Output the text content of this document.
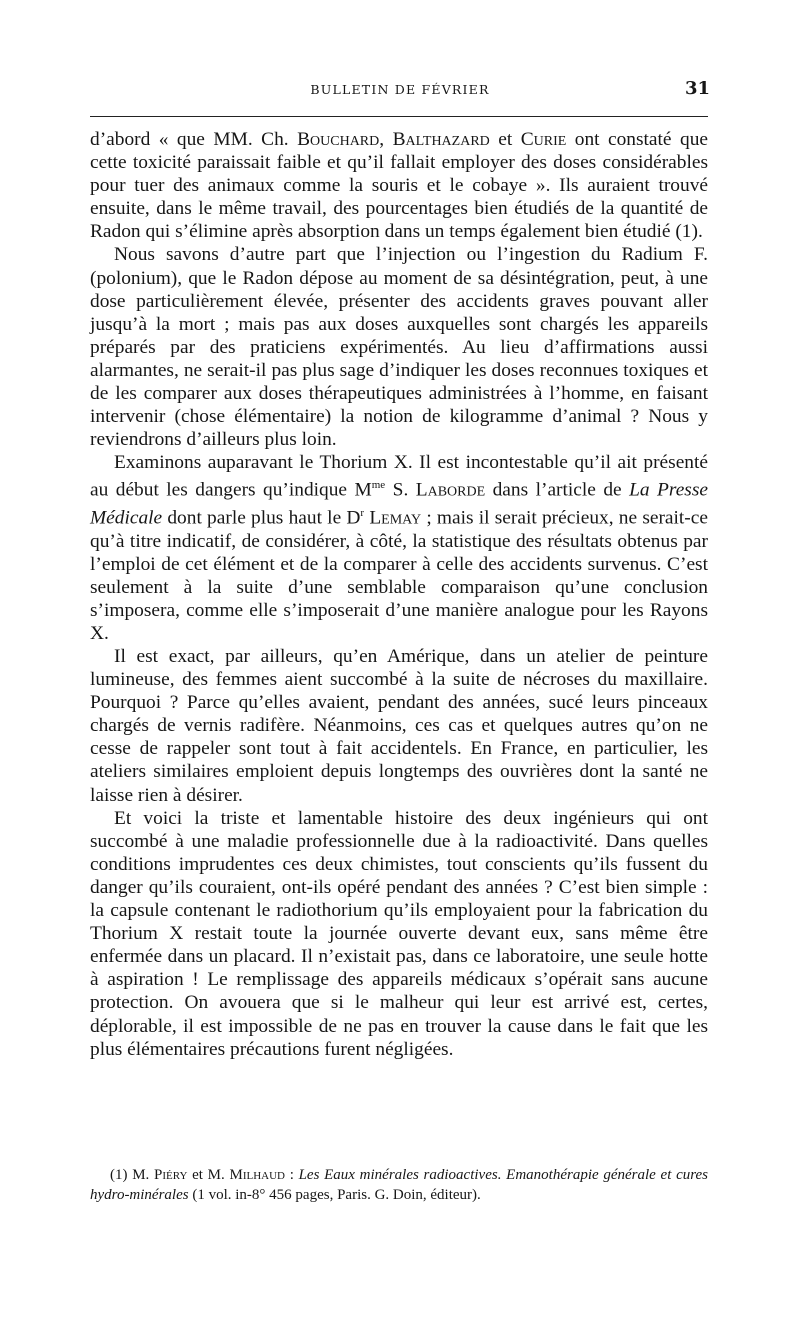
BULLETIN DE FÉVRIER	31

d’abord « que MM. Ch. Bouchard, Balthazard et Curie ont constaté que cette toxicité paraissait faible et qu’il fallait employer des doses considérables pour tuer des animaux comme la souris et le cobaye ». Ils auraient trouvé ensuite, dans le même travail, des pourcentages bien étudiés de la quantité de Radon qui s’élimine après absorption dans un temps également bien étudié (1).

Nous savons d’autre part que l’injection ou l’ingestion du Radium F. (polonium), que le Radon dépose au moment de sa désintégration, peut, à une dose particulièrement élevée, présenter des accidents graves pouvant aller jusqu’à la mort ; mais pas aux doses auxquelles sont chargés les appareils préparés par des praticiens expérimentés. Au lieu d’affirmations aussi alarmantes, ne serait-il pas plus sage d’indiquer les doses reconnues toxiques et de les comparer aux doses thérapeutiques administrées à l’homme, en faisant intervenir (chose élémentaire) la notion de kilogramme d’animal ? Nous y reviendrons d’ailleurs plus loin.

Examinons auparavant le Thorium X. Il est incontestable qu’il ait présenté au début les dangers qu’indique $M^{me}$ S. Laborde dans l’article de La Presse Médicale dont parle plus haut le $D^r$ Lemay ; mais il serait précieux, ne serait-ce qu’à titre indicatif, de considérer, à côté, la statistique des résultats obtenus par l’emploi de cet élément et de la comparer à celle des accidents survenus. C’est seulement à la suite d’une semblable comparaison qu’une conclusion s’imposera, comme elle s’imposerait d’une manière analogue pour les Rayons X.

Il est exact, par ailleurs, qu’en Amérique, dans un atelier de peinture lumineuse, des femmes aient succombé à la suite de nécroses du maxillaire. Pourquoi ? Parce qu’elles avaient, pendant des années, sucé leurs pinceaux chargés de vernis radifère. Néanmoins, ces cas et quelques autres qu’on ne cesse de rappeler sont tout à fait accidentels. En France, en particulier, les ateliers similaires emploient depuis longtemps des ouvrières dont la santé ne laisse rien à désirer.

Et voici la triste et lamentable histoire des deux ingénieurs qui ont succombé à une maladie professionnelle due à la radioactivité. Dans quelles conditions imprudentes ces deux chimistes, tout conscients qu’ils fussent du danger qu’ils couraient, ont-ils opéré pendant des années ? C’est bien simple : la capsule contenant le radiothorium qu’ils employaient pour la fabrication du Thorium X restait toute la journée ouverte devant eux, sans même être enfermée dans un placard. Il n’existait pas, dans ce laboratoire, une seule hotte à aspiration ! Le remplissage des appareils médicaux s’opérait sans aucune protection. On avouera que si le malheur qui leur est arrivé est, certes, déplorable, il est impossible de ne pas en trouver la cause dans le fait que les plus élémentaires précautions furent négligées.

(1) M. Piéry et M. Milhaud : Les Eaux minérales radioactives. Emanothérapie générale et cures hydro-minérales (1 vol. in-8° 456 pages, Paris. G. Doin, éditeur).
